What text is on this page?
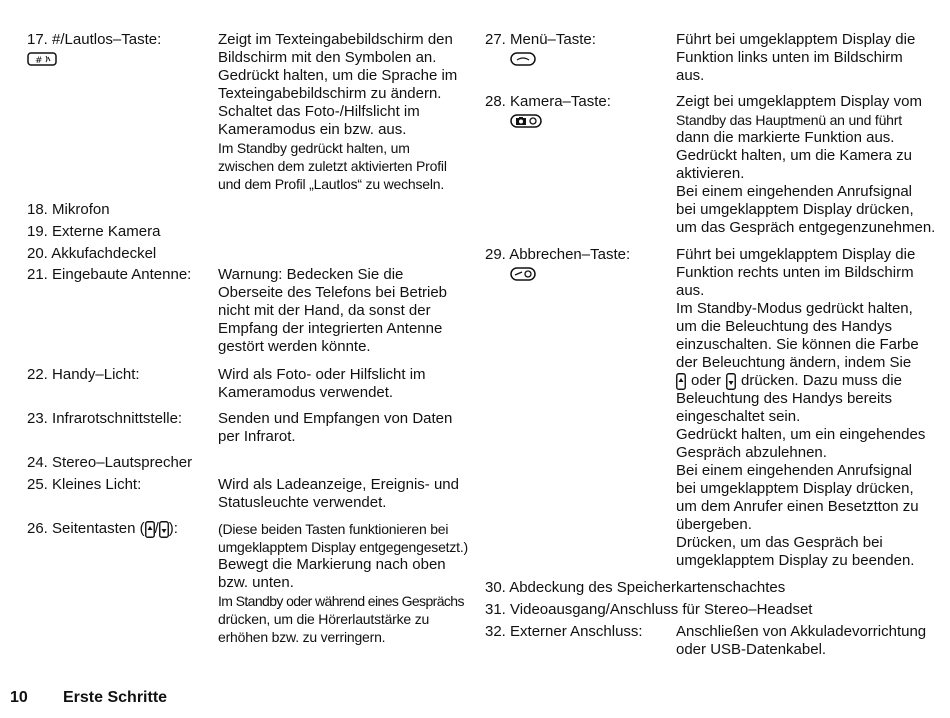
17. #/Lautlos–Taste:
#
Zeigt im Texteingabebildschirm den
Bildschirm mit den Symbolen an.
Gedrückt halten, um die Sprache im
Texteingabebildschirm zu ändern.
Schaltet das Foto-/Hilfslicht im
Kameramodus ein bzw. aus.
Im Standby gedrückt halten, um
zwischen dem zuletzt aktivierten Profil
und dem Profil „Lautlos“ zu wechseln.
18. Mikrofon
19. Externe Kamera
20. Akkufachdeckel
21. Eingebaute Antenne: Warnung: Bedecken Sie die
Oberseite des Telefons bei Betrieb
nicht mit der Hand, da sonst der
Empfang der integrierten Antenne
gestört werden könnte.
22. Handy–Licht:	Wird als Foto- oder Hilfslicht im
Kameramodus verwendet.
23. Infrarotschnittstelle: Senden und Empfangen von Daten
per Infrarot.
24. Stereo–Lautsprecher
25. Kleines Licht:	Wird als Ladeanzeige, Ereignis- und
Statusleuchte verwendet.
26.
Seitentasten ( / ):	(Diese beiden Tasten funktionieren bei
umgeklapptem Display entgegengesetzt.)
Bewegt die Markierung nach oben
bzw. unten.
Im Standby oder während eines Gesprächs
drücken, um die Hörerlautstärke zu
erhöhen bzw. zu verringern.
27. Menü–Taste:	Führt bei umgeklapptem Display die
Funktion links unten im Bildschirm
aus.
28. Kamera–Taste:	Zeigt bei umgeklapptem Display vom
Standby das Hauptmenü an und führt
dann die markierte Funktion aus.
Gedrückt halten, um die Kamera zu
aktivieren.
Bei einem eingehenden Anrufsignal
bei umgeklapptem Display drücken,
um das Gespräch entgegenzunehmen.
29. Abbrechen–Taste:	Führt bei umgeklapptem Display die
Funktion rechts unten im Bildschirm
aus.
Im Standby-Modus gedrückt halten,
um die Beleuchtung des Handys
einzuschalten. Sie können die Farbe
der Beleuchtung ändern, indem Sie
oder drücken. Dazu muss die
Beleuchtung des Handys bereits
eingeschaltet sein.
Gedrückt halten, um ein eingehendes
Gespräch abzulehnen.
Bei einem eingehenden Anrufsignal
bei umgeklapptem Display drücken,
um dem Anrufer einen Besetztton zu
übergeben.
Drücken, um das Gespräch bei
umgeklapptem Display zu beenden.
30. Abdeckung des Speicherkartenschachtes
31. Videoausgang/Anschluss für Stereo–Headset
32. Externer Anschluss: Anschließen von Akkuladevorrichtung
oder USB-Datenkabel.
10 Erste Schritte
